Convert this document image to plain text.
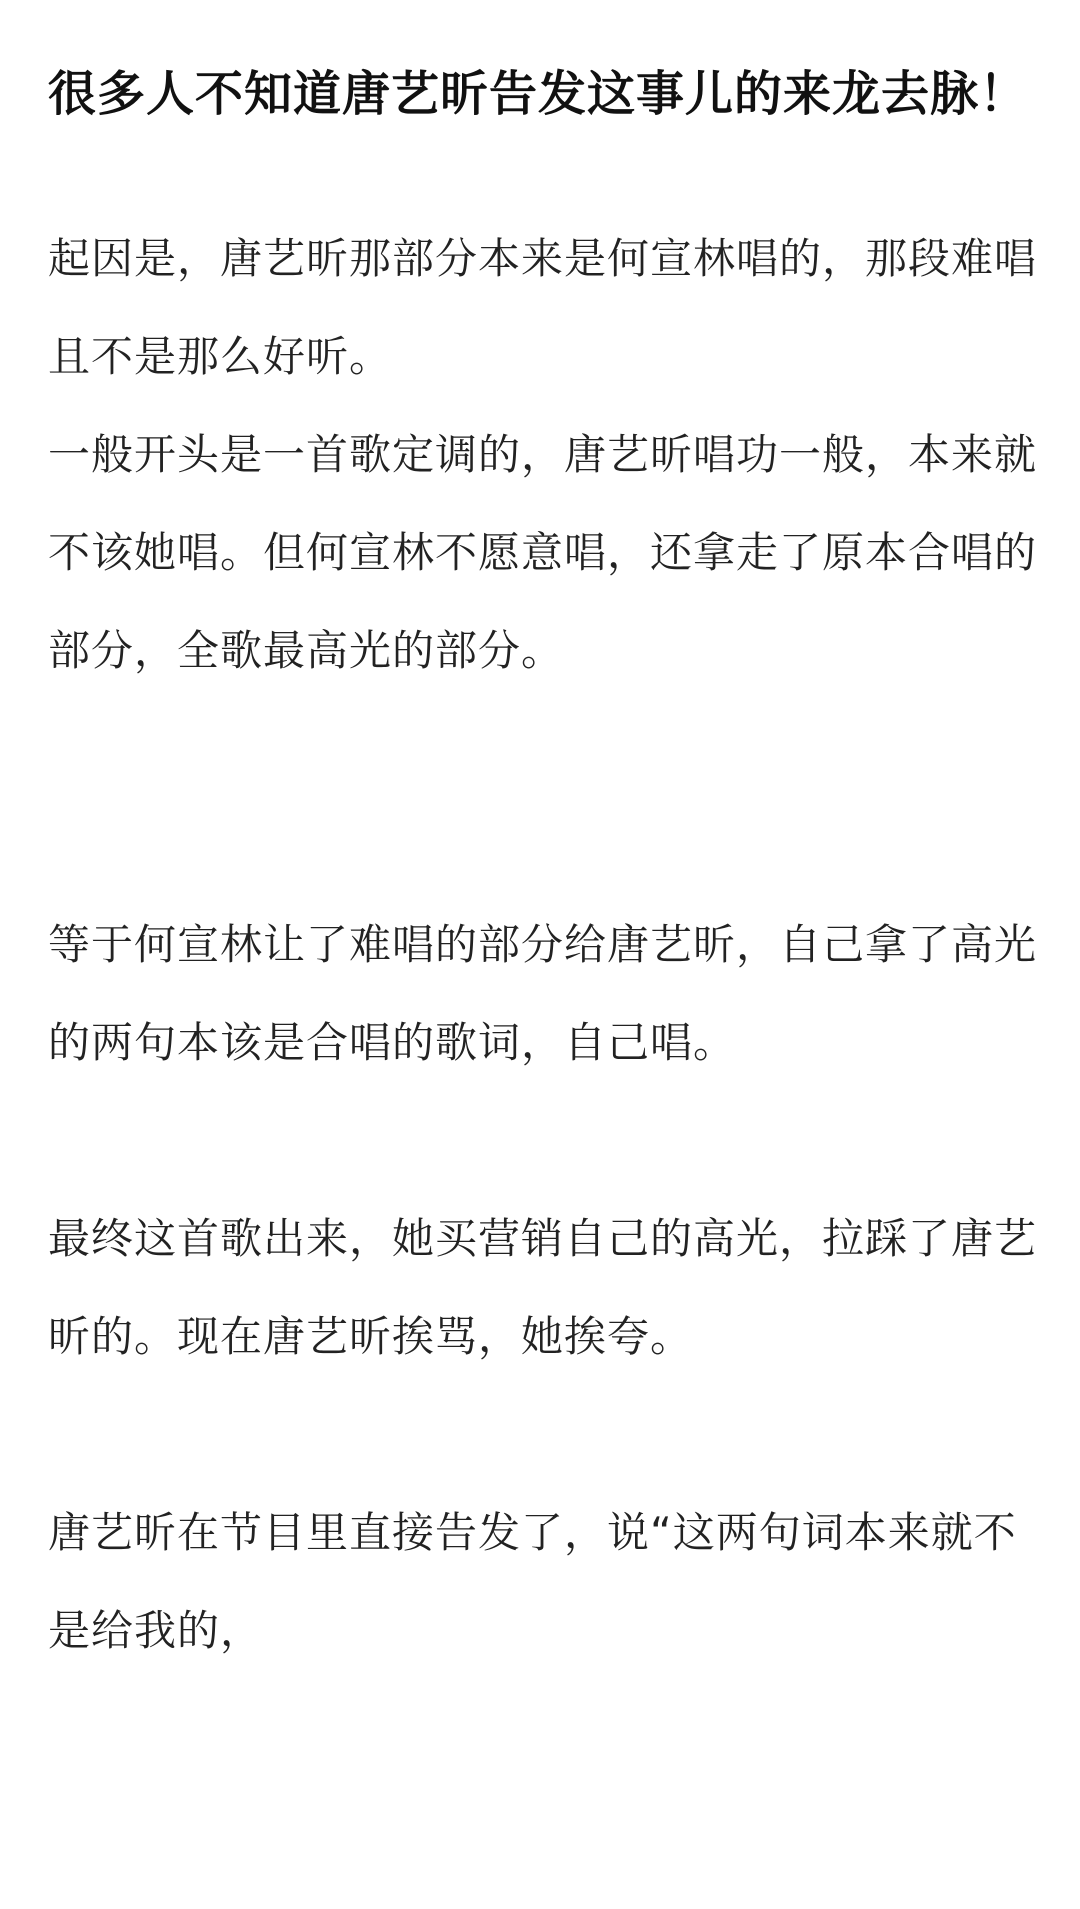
很多人不知道唐艺昕告发这事儿的来龙去脉！

起因是，唐艺昕那部分本来是何宣林唱的，那段难唱且不是那么好听。

一般开头是一首歌定调的，唐艺昕唱功一般，本来就不该她唱。但何宣林不愿意唱，还拿走了原本合唱的部分，全歌最高光的部分。

等于何宣林让了难唱的部分给唐艺昕，自己拿了高光的两句本该是合唱的歌词，自己唱。

最终这首歌出来，她买营销自己的高光，拉踩了唐艺昕的。现在唐艺昕挨骂，她挨夸。

唐艺昕在节目里直接告发了，说“这两句词本来就不是给我的，
